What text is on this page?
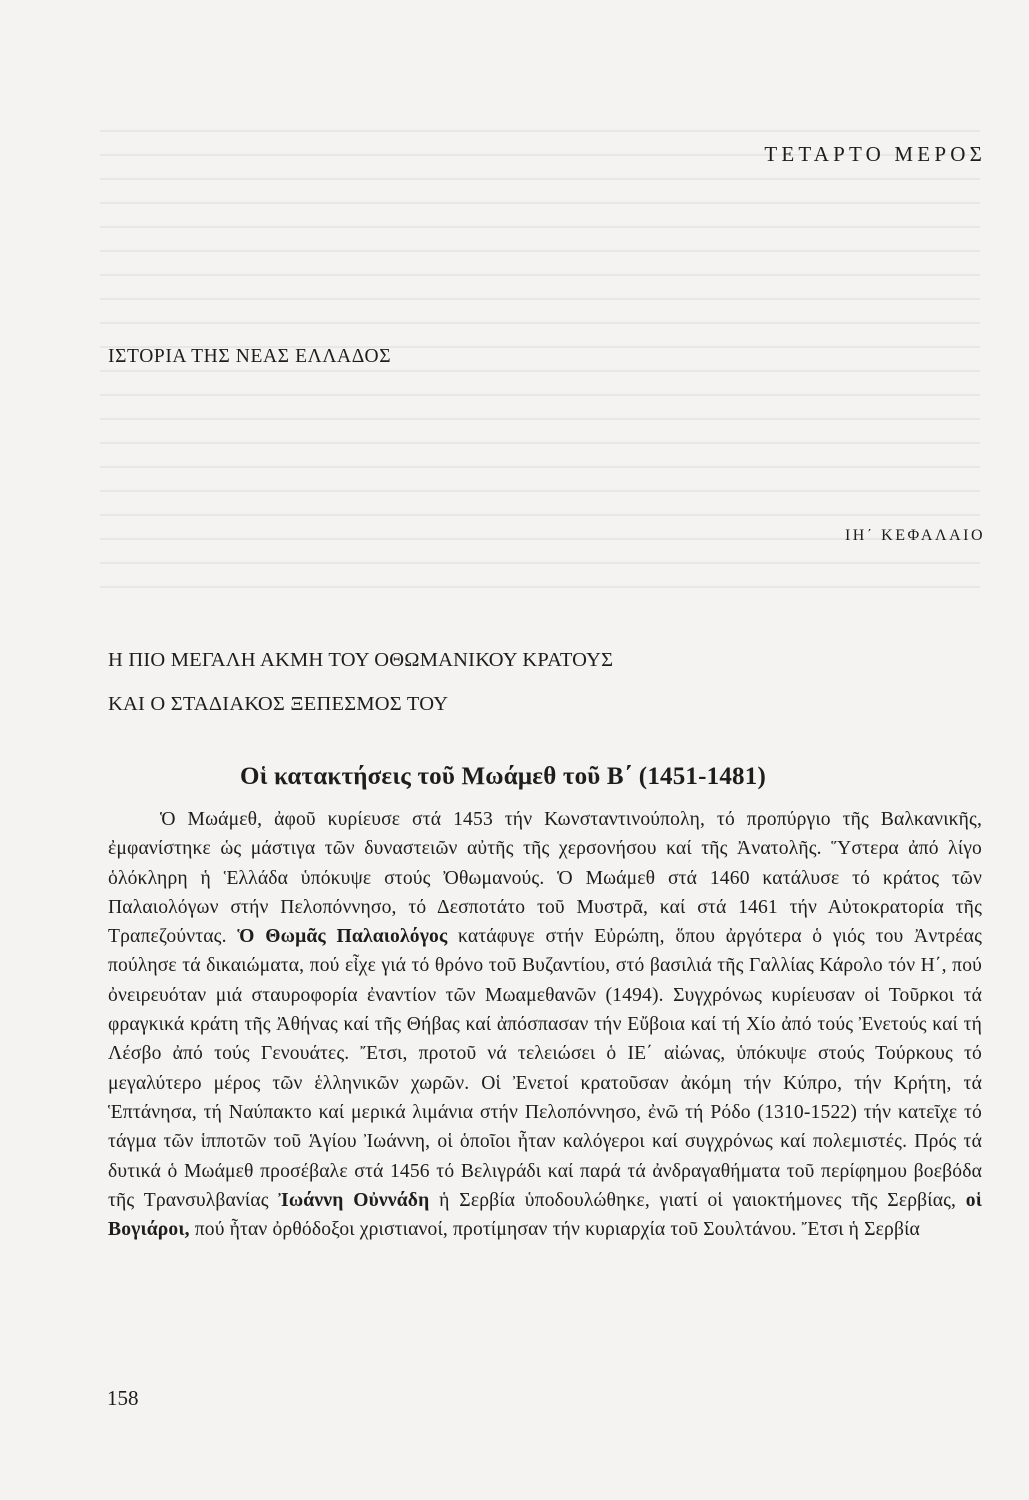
ΤΕΤΑΡΤΟ ΜΕΡΟΣ
ΙΣΤΟΡΙΑ ΤΗΣ ΝΕΑΣ ΕΛΛΑΔΟΣ
ΙΗ΄ ΚΕΦΑΛΑΙΟ
Η ΠΙΟ ΜΕΓΑΛΗ ΑΚΜΗ ΤΟΥ ΟΘΩΜΑΝΙΚΟΥ ΚΡΑΤΟΥΣ
ΚΑΙ Ο ΣΤΑΔΙΑΚΟΣ ΞΕΠΕΣΜΟΣ ΤΟΥ
Οἱ κατακτήσεις τοῦ Μωάμεθ τοῦ Β΄ (1451-1481)

Ὁ Μωάμεθ, ἀφοῦ κυρίευσε στά 1453 τήν Κωνσταντινούπολη, τό προπύργιο τῆς Βαλκανικῆς, ἐμφανίστηκε ὡς μάστιγα τῶν δυναστειῶν αὐτῆς τῆς χερσονήσου καί τῆς Ἀνατολῆς. Ὕστερα ἀπό λίγο ὁλόκληρη ἡ Ἑλλάδα ὑπόκυψε στούς Ὀθωμανούς. Ὁ Μωάμεθ στά 1460 κατάλυσε τό κράτος τῶν Παλαιολόγων στήν Πελοπόννησο, τό Δεσποτάτο τοῦ Μυστρᾶ, καί στά 1461 τήν Αὐτοκρατορία τῆς Τραπεζούντας. Ὁ Θωμᾶς Παλαιολόγος κατάφυγε στήν Εὐρώπη, ὅπου ἀργότερα ὁ γιός του Ἀντρέας πούλησε τά δικαιώματα, πού εἶχε γιά τό θρόνο τοῦ Βυζαντίου, στό βασιλιά τῆς Γαλλίας Κάρολο τόν Η΄, πού ὀνειρευόταν μιά σταυροφορία ἐναντίον τῶν Μωαμεθανῶν (1494). Συγχρόνως κυρίευσαν οἱ Τοῦρκοι τά φραγκικά κράτη τῆς Ἀθήνας καί τῆς Θήβας καί ἀπόσπασαν τήν Εὔβοια καί τή Χίο ἀπό τούς Ἐνετούς καί τή Λέσβο ἀπό τούς Γενουάτες. Ἔτσι, προτοῦ νά τελειώσει ὁ ΙΕ΄ αἰώνας, ὑπόκυψε στούς Τούρκους τό μεγαλύτερο μέρος τῶν ἑλληνικῶν χωρῶν. Οἱ Ἐνετοί κρατοῦσαν ἀκόμη τήν Κύπρο, τήν Κρήτη, τά Ἑπτάνησα, τή Ναύπακτο καί μερικά λιμάνια στήν Πελοπόννησο, ἐνῶ τή Ρόδο (1310-1522) τήν κατεῖχε τό τάγμα τῶν ἱπποτῶν τοῦ Ἁγίου Ἰωάννη, οἱ ὁποῖοι ἦταν καλόγεροι καί συγχρόνως καί πολεμιστές. Πρός τά δυτικά ὁ Μωάμεθ προσέβαλε στά 1456 τό Βελιγράδι καί παρά τά ἀνδραγαθήματα τοῦ περίφημου βοεβόδα τῆς Τρανσυλβανίας Ἰωάννη Οὐννάδη ἡ Σερβία ὑποδουλώθηκε, γιατί οἱ γαιοκτήμονες τῆς Σερβίας, οἱ Βογιάροι, πού ἦταν ὀρθόδοξοι χριστιανοί, προτίμησαν τήν κυριαρχία τοῦ Σουλτάνου. Ἔτσι ἡ Σερβία

158
